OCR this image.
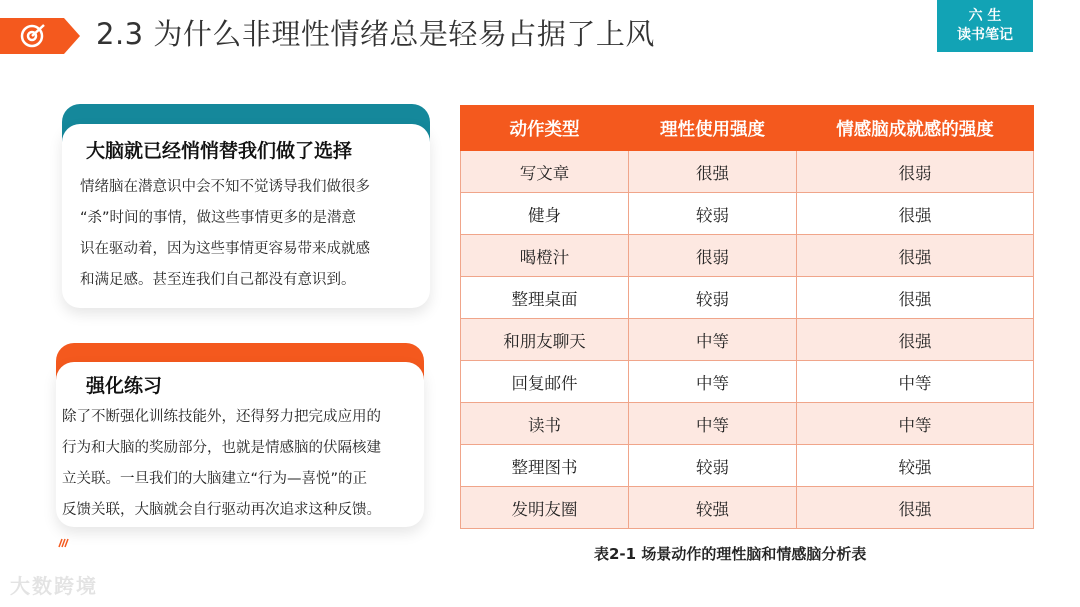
2.3 为什么非理性情绪总是轻易占据了上风
六 生
读书笔记
大脑就已经悄悄替我们做了选择
情绪脑在潜意识中会不知不觉诱导我们做很多
“杀”时间的事情，做这些事情更多的是潜意
识在驱动着，因为这些事情更容易带来成就感
和满足感。甚至连我们自己都没有意识到。
强化练习
除了不断强化训练技能外，还得努力把完成应用的
行为和大脑的奖励部分，也就是情感脑的伏隔核建
立关联。一旦我们的大脑建立“行为—喜悦”的正
反馈关联，大脑就会自行驱动再次追求这种反馈。
动作类型	理性使用强度	情感脑成就感的强度
写文章	很强	很弱
健身	较弱	很强
喝橙汁	很弱	很强
整理桌面	较弱	很强
和朋友聊天	中等	很强
回复邮件	中等	中等
读书	中等	中等
整理图书	较弱	较强
发明友圈	较强	很强
表2-1 场景动作的理性脑和情感脑分析表
大数跨境
